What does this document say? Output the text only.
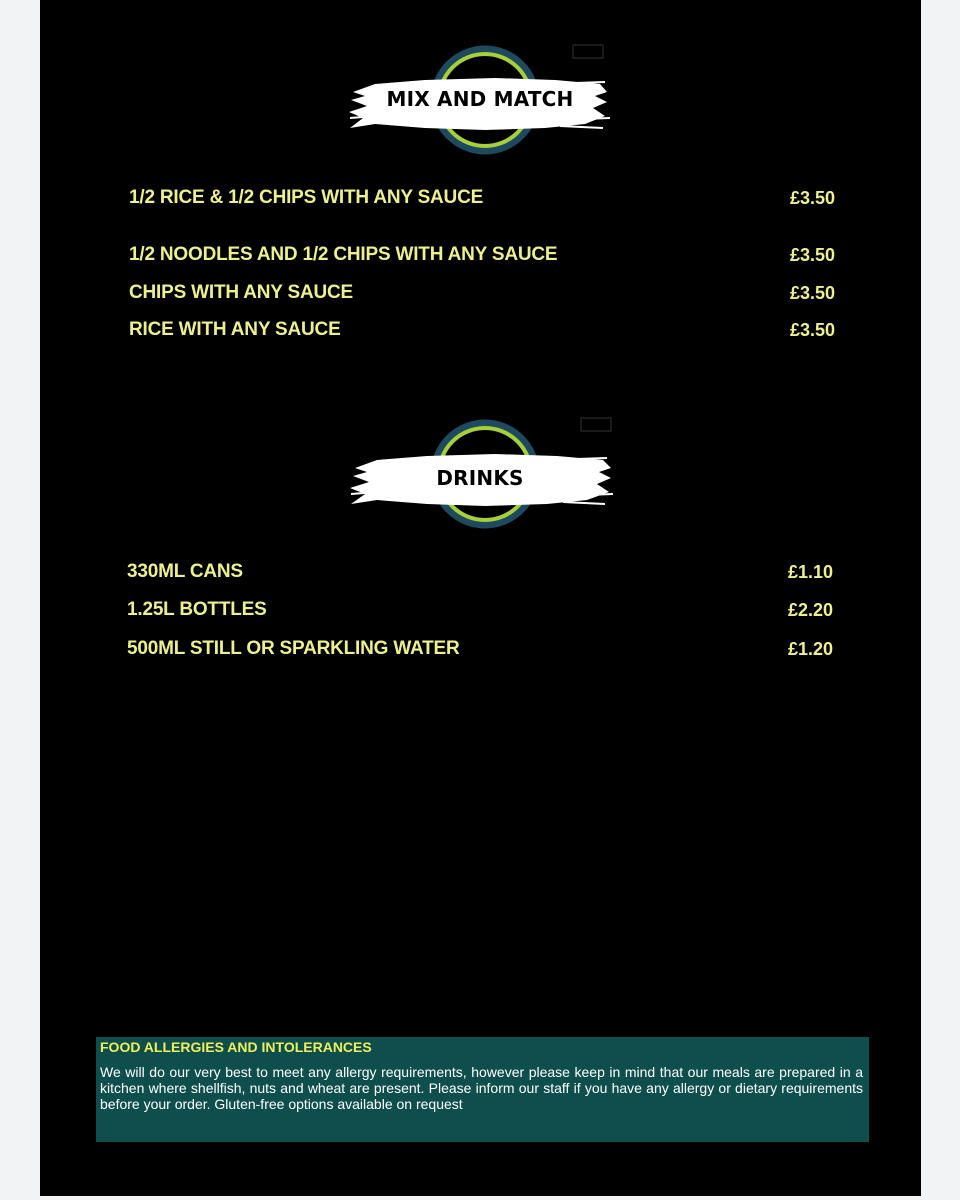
MIX AND MATCH
1/2 RICE & 1/2 CHIPS WITH ANY SAUCE	£3.50
1/2 NOODLES AND 1/2 CHIPS WITH ANY SAUCE	£3.50
CHIPS WITH ANY SAUCE	£3.50
RICE WITH ANY SAUCE	£3.50
DRINKS
330ML CANS	£1.10
1.25L BOTTLES	£2.20
500ML STILL OR SPARKLING WATER	£1.20
FOOD ALLERGIES AND INTOLERANCES
We will do our very best to meet any allergy requirements, however please keep in mind that our meals are prepared in a kitchen where shellfish, nuts and wheat are present. Please inform our staff if you have any allergy or dietary requirements before your order. Gluten-free options available on request
